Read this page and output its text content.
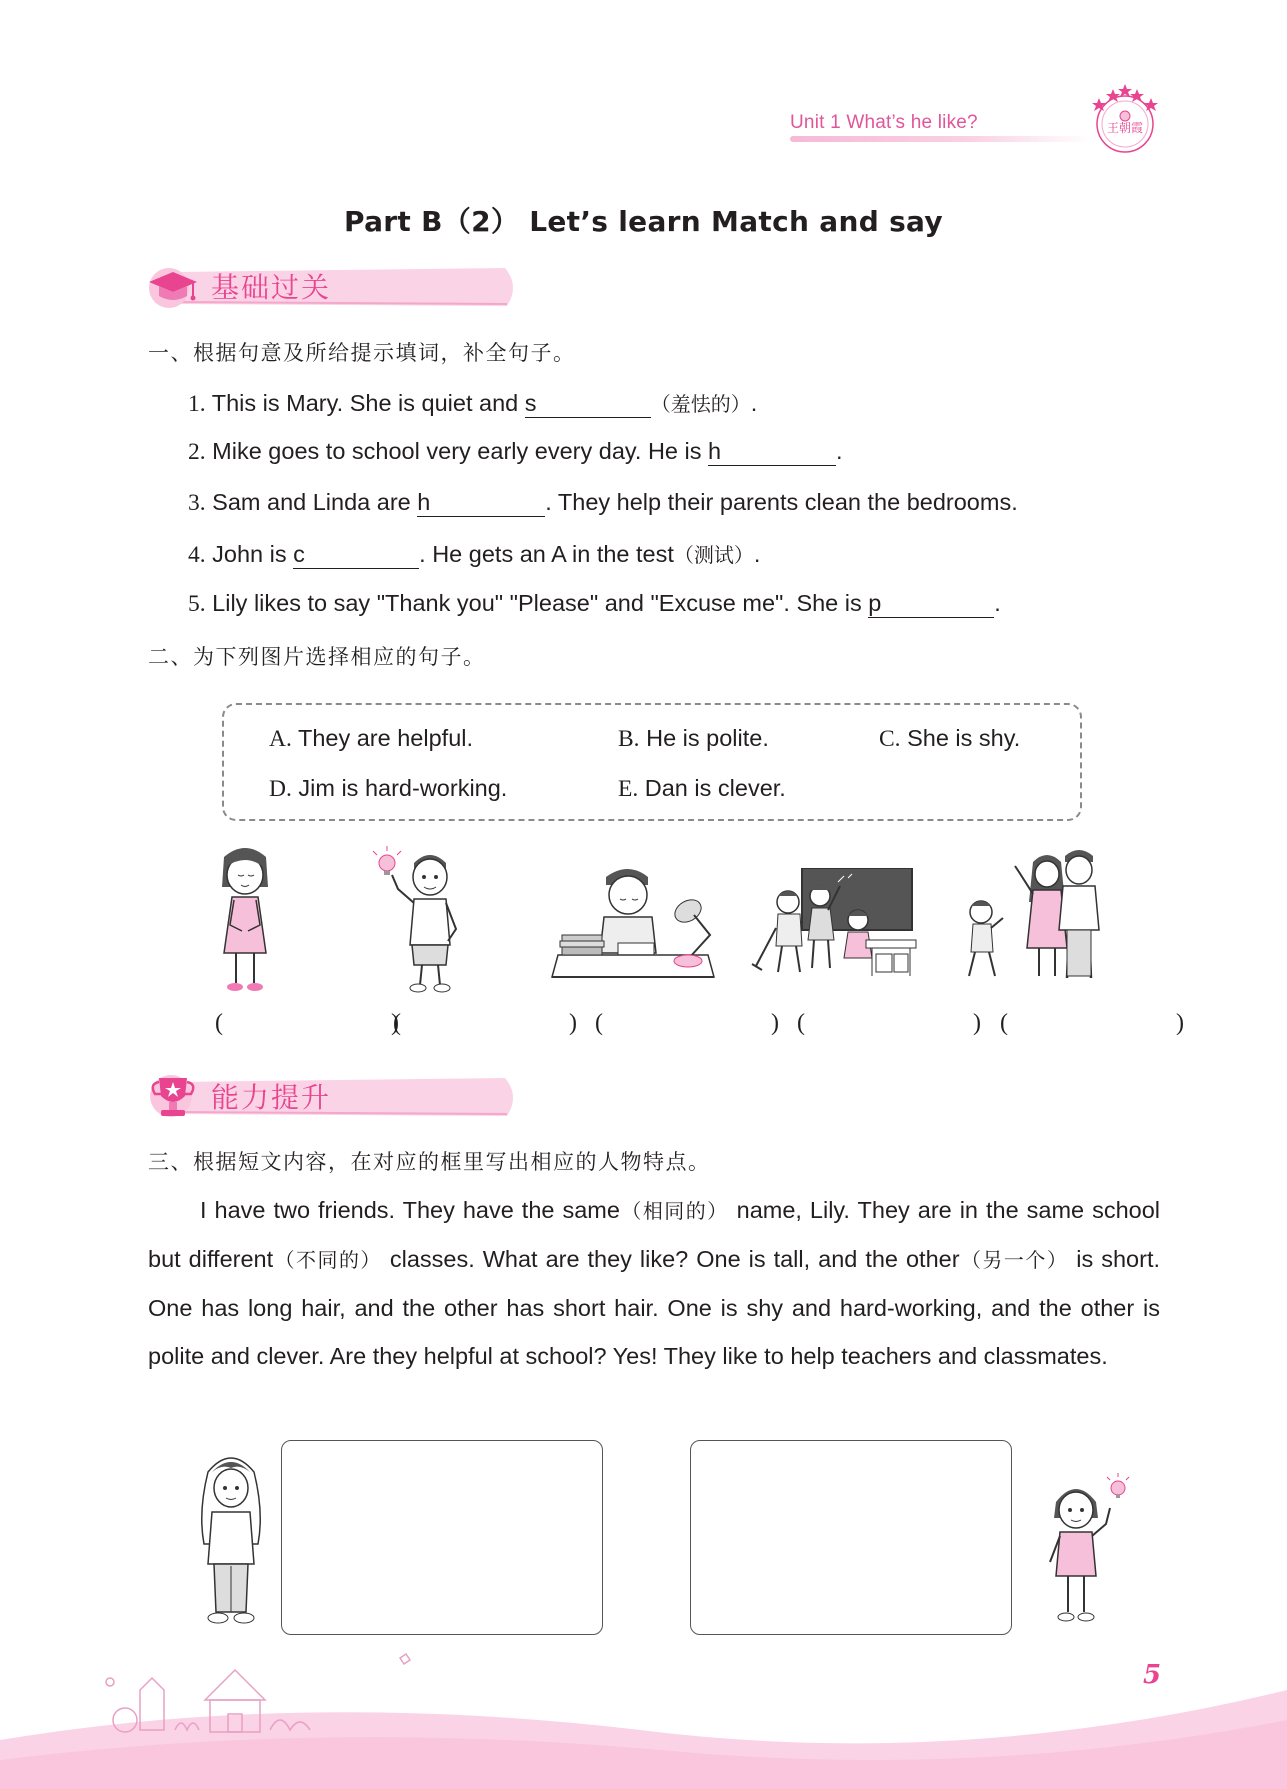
Unit 1 What’s he like?	王朝霞
Part B（2） Let’s learn Match and say
基础过关
一、根据句意及所给提示填词，补全句子。
1. This is Mary. She is quiet and s	（羞怯的）.
2. Mike goes to school very early every day. He is h	.
3. Sam and Linda are h	. They help their parents clean the bedrooms.
4. John is c	. He gets an A in the test（测试）.
5. Lily likes to say "Thank you" "Please" and "Excuse me". She is p	.
二、为下列图片选择相应的句子。
A. They are helpful.	B. He is polite.	C. She is shy.
D. Jim is hard-working.	E. Dan is clever.
(　　)
(　　)
(　　)
(　　)
(　　)
能力提升
三、根据短文内容，在对应的框里写出相应的人物特点。

I have two friends. They have the same（相同的） name, Lily. They are in the same school but different（不同的） classes. What are they like? One is tall, and the other（另一个） is short. One has long hair, and the other has short hair. One is shy and hard-working, and the other is polite and clever. Are they helpful at school? Yes! They like to help teachers and classmates.

5
